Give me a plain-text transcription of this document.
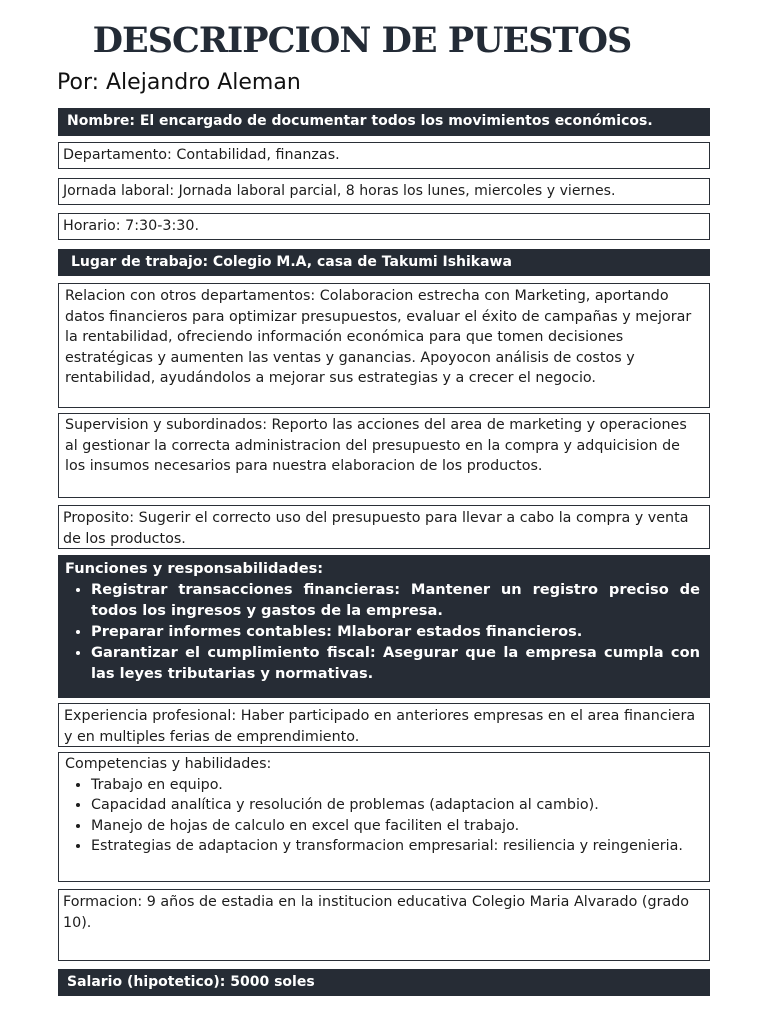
DESCRIPCION DE PUESTOS
Por: Alejandro Aleman
Nombre: El encargado de documentar todos los movimientos económicos.
Departamento: Contabilidad, finanzas.
Jornada laboral: Jornada laboral parcial, 8 horas los lunes, miercoles y viernes.
Horario: 7:30-3:30.
Lugar de trabajo: Colegio M.A, casa de Takumi Ishikawa
Relacion con otros departamentos: Colaboracion estrecha con Marketing, aportando datos financieros para optimizar presupuestos, evaluar el éxito de campañas y mejorar la rentabilidad, ofreciendo información económica para que tomen decisiones estratégicas y aumenten las ventas y ganancias. Apoyocon análisis de costos y rentabilidad, ayudándolos a mejorar sus estrategias y a crecer el negocio.
Supervision y subordinados: Reporto las acciones del area de marketing y operaciones al gestionar la correcta administracion del presupuesto en la compra y adquicision de los insumos necesarios para nuestra elaboracion de los productos.
Proposito: Sugerir el correcto uso del presupuesto para llevar a cabo la compra y venta de los productos.
Funciones y responsabilidades:
• Registrar transacciones financieras: Mantener un registro preciso de todos los ingresos y gastos de la empresa.
• Preparar informes contables: Mlaborar estados financieros.
• Garantizar el cumplimiento fiscal: Asegurar que la empresa cumpla con las leyes tributarias y normativas.
Experiencia profesional: Haber participado en anteriores empresas en el area financiera y en multiples ferias de emprendimiento.
Competencias y habilidades:
• Trabajo en equipo.
• Capacidad analítica y resolución de problemas (adaptacion al cambio).
• Manejo de hojas de calculo en excel que faciliten el trabajo.
• Estrategias de adaptacion y transformacion empresarial: resiliencia y reingenieria.
Formacion: 9 años de estadia en la institucion educativa Colegio Maria Alvarado (grado 10).
Salario (hipotetico): 5000 soles
